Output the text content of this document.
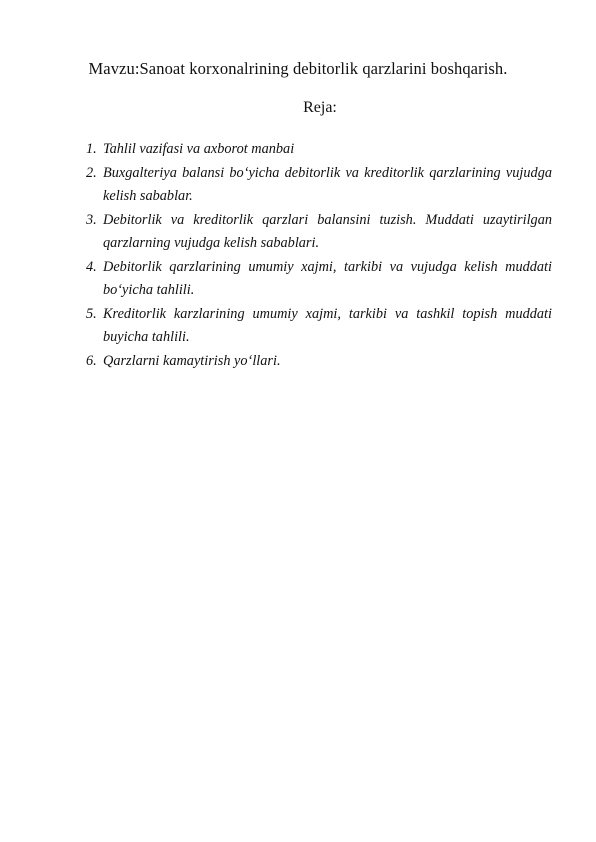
Mavzu:Sanoat korxonalrining debitorlik qarzlarini boshqarish.
Reja:
1. Tahlil vazifasi va axborot manbai
2. Buxgalteriya balansi bo‘yicha debitorlik va kreditorlik qarzlarining vujudga kelish sabablar.
3. Debitorlik va kreditorlik qarzlari balansini tuzish. Muddati uzaytirilgan qarzlarning vujudga kelish sabablari.
4. Debitorlik qarzlarining umumiy xajmi, tarkibi va vujudga kelish muddati bo‘yicha tahlili.
5. Kreditorlik karzlarining umumiy xajmi, tarkibi va tashkil topish muddati buyicha tahlili.
6. Qarzlarni kamaytirish yo‘llari.
